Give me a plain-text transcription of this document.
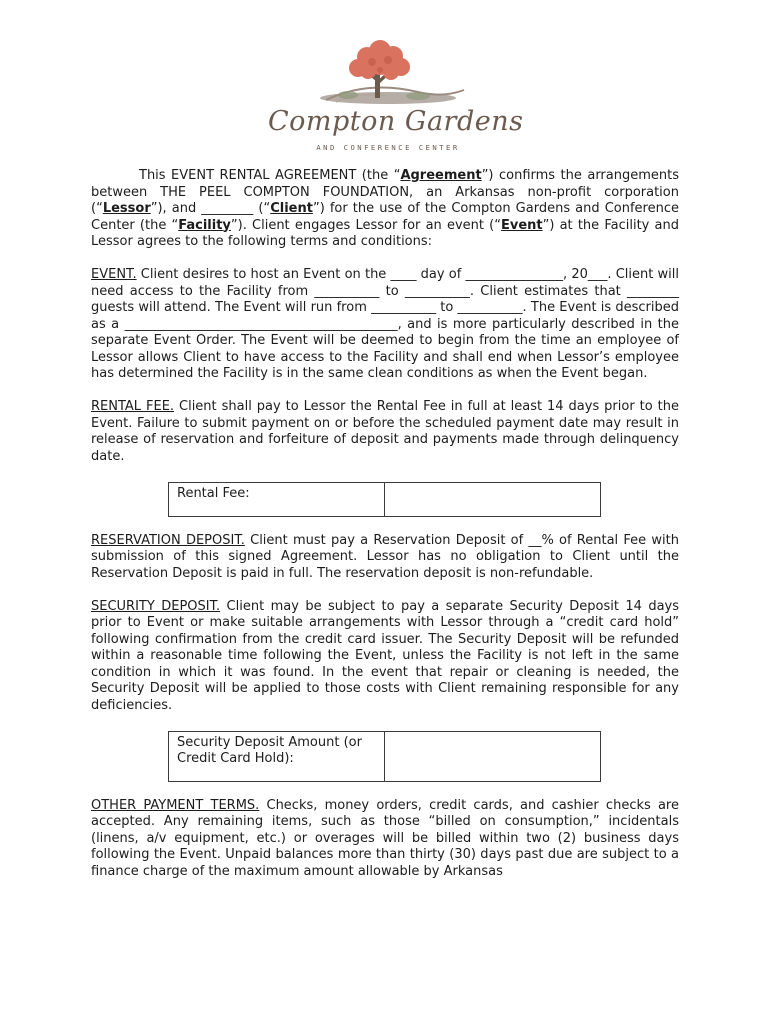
Compton Gardens
AND CONFERENCE CENTER

This EVENT RENTAL AGREEMENT (the “Agreement”) confirms the arrangements between THE PEEL COMPTON FOUNDATION, an Arkansas non-profit corporation (“Lessor”), and ________ (“Client”) for the use of the Compton Gardens and Conference Center (the “Facility”). Client engages Lessor for an event (“Event”) at the Facility and Lessor agrees to the following terms and conditions:

EVENT. Client desires to host an Event on the ____ day of _______________, 20___. Client will need access to the Facility from __________ to __________. Client estimates that ________ guests will attend. The Event will run from __________ to __________. The Event is described as a __________________________________________, and is more particularly described in the separate Event Order. The Event will be deemed to begin from the time an employee of Lessor allows Client to have access to the Facility and shall end when Lessor’s employee has determined the Facility is in the same clean conditions as when the Event began.

RENTAL FEE. Client shall pay to Lessor the Rental Fee in full at least 14 days prior to the Event. Failure to submit payment on or before the scheduled payment date may result in release of reservation and forfeiture of deposit and payments made through delinquency date.

Rental Fee:	

RESERVATION DEPOSIT. Client must pay a Reservation Deposit of __% of Rental Fee with submission of this signed Agreement. Lessor has no obligation to Client until the Reservation Deposit is paid in full. The reservation deposit is non-refundable.

SECURITY DEPOSIT. Client may be subject to pay a separate Security Deposit 14 days prior to Event or make suitable arrangements with Lessor through a “credit card hold” following confirmation from the credit card issuer. The Security Deposit will be refunded within a reasonable time following the Event, unless the Facility is not left in the same condition in which it was found. In the event that repair or cleaning is needed, the Security Deposit will be applied to those costs with Client remaining responsible for any deficiencies.

Security Deposit Amount (or Credit Card Hold):	

OTHER PAYMENT TERMS. Checks, money orders, credit cards, and cashier checks are accepted. Any remaining items, such as those “billed on consumption,” incidentals (linens, a/v equipment, etc.) or overages will be billed within two (2) business days following the Event. Unpaid balances more than thirty (30) days past due are subject to a finance charge of the maximum amount allowable by Arkansas
